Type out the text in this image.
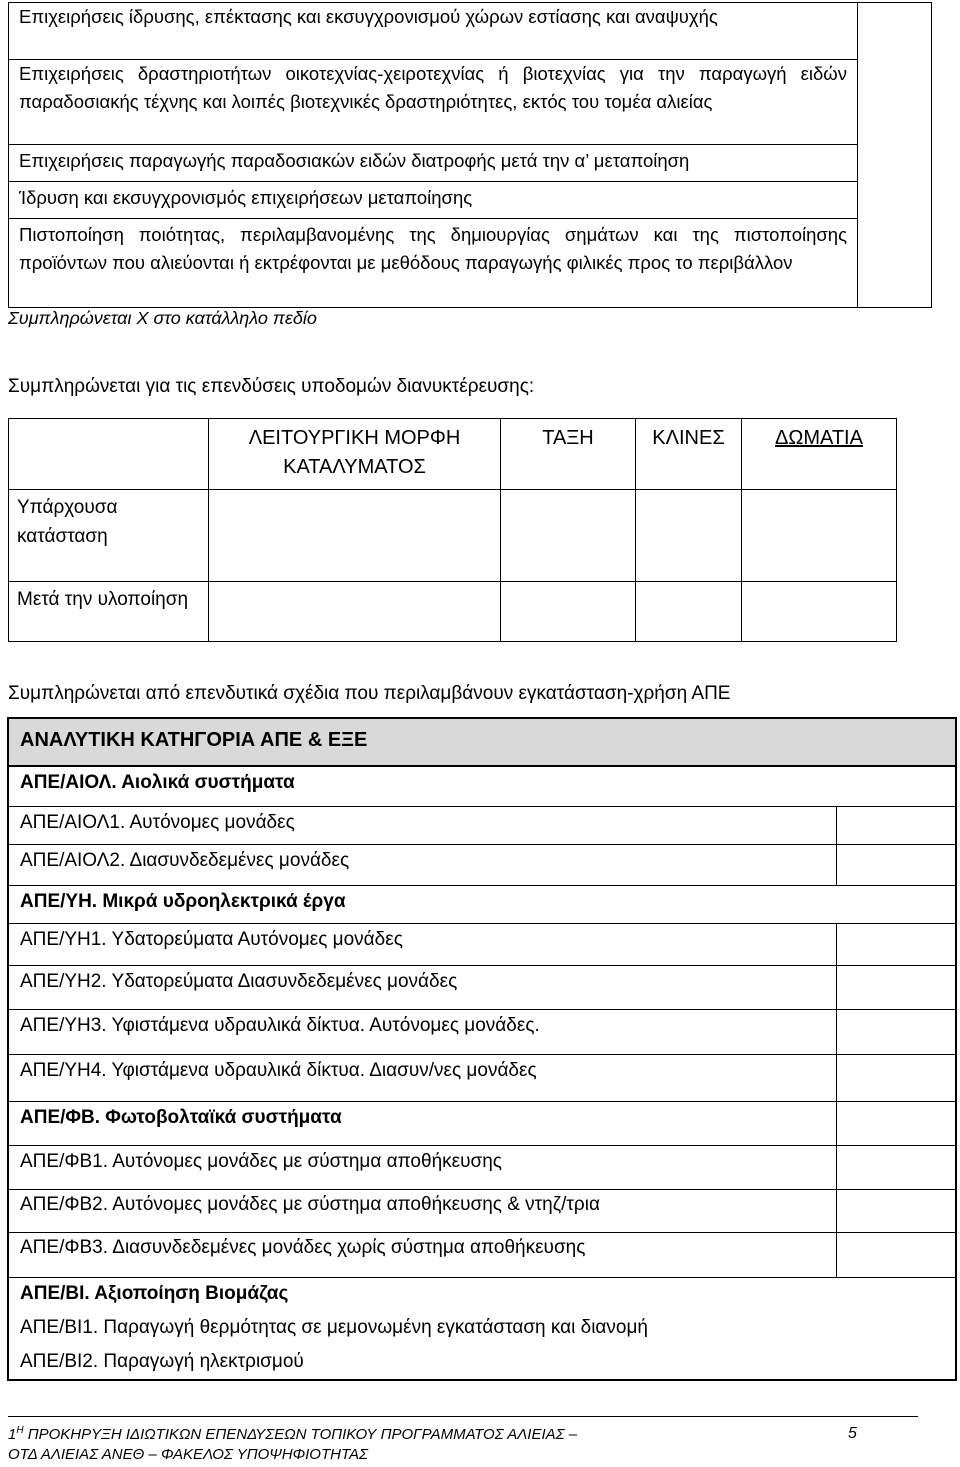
Επιχειρήσεις ίδρυσης, επέκτασης και εκσυγχρονισμού χώρων εστίασης και αναψυχής	
Επιχειρήσεις δραστηριοτήτων οικοτεχνίας-χειροτεχνίας ή βιοτεχνίας για την παραγωγή ειδών παραδοσιακής τέχνης και λοιπές βιοτεχνικές δραστηριότητες, εκτός του τομέα αλιείας
Επιχειρήσεις παραγωγής παραδοσιακών ειδών διατροφής μετά την α’ μεταποίηση
Ίδρυση και εκσυγχρονισμός επιχειρήσεων μεταποίησης
Πιστοποίηση ποιότητας, περιλαμβανομένης της δημιουργίας σημάτων και της πιστοποίησης προϊόντων που αλιεύονται ή εκτρέφονται με μεθόδους παραγωγής φιλικές προς το περιβάλλον
Συμπληρώνεται Χ στο κατάλληλο πεδίο
Συμπληρώνεται για τις επενδύσεις υποδομών διανυκτέρευσης:
	ΛΕΙΤΟΥΡΓΙΚΗ ΜΟΡΦΗ ΚΑΤΑΛΥΜΑΤΟΣ	ΤΑΞΗ	ΚΛΙΝΕΣ	ΔΩΜΑΤΙΑ
Υπάρχουσα κατάσταση				
Μετά την υλοποίηση				
Συμπληρώνεται από επενδυτικά σχέδια που περιλαμβάνουν εγκατάσταση-χρήση ΑΠΕ
ΑΝΑΛΥΤΙΚΗ ΚΑΤΗΓΟΡΙΑ ΑΠΕ & ΕΞΕ
ΑΠΕ/ΑΙΟΛ. Αιολικά συστήματα
ΑΠΕ/ΑΙΟΛ1. Αυτόνομες μονάδες
ΑΠΕ/ΑΙΟΛ2. Διασυνδεδεμένες μονάδες
ΑΠΕ/ΥΗ. Μικρά υδροηλεκτρικά έργα
ΑΠΕ/ΥΗ1. Υδατορεύματα Αυτόνομες μονάδες
ΑΠΕ/ΥΗ2. Υδατορεύματα Διασυνδεδεμένες μονάδες
ΑΠΕ/ΥΗ3. Υφιστάμενα υδραυλικά δίκτυα. Αυτόνομες μονάδες.
ΑΠΕ/ΥΗ4. Υφιστάμενα υδραυλικά δίκτυα. Διασυν/νες μονάδες
ΑΠΕ/ΦΒ. Φωτοβολταϊκά συστήματα
ΑΠΕ/ΦΒ1. Αυτόνομες μονάδες με σύστημα αποθήκευσης
ΑΠΕ/ΦΒ2. Αυτόνομες μονάδες με σύστημα αποθήκευσης & ντηζ/τρια
ΑΠΕ/ΦΒ3. Διασυνδεδεμένες μονάδες χωρίς σύστημα αποθήκευσης
ΑΠΕ/ΒΙ. Αξιοποίηση Βιομάζας
ΑΠΕ/ΒΙ1. Παραγωγή θερμότητας σε μεμονωμένη εγκατάσταση και διανομή
ΑΠΕ/ΒΙ2. Παραγωγή ηλεκτρισμού
$1^H$ ΠΡΟΚΗΡΥΞΗ ΙΔΙΩΤΙΚΩΝ ΕΠΕΝΔΥΣΕΩΝ ΤΟΠΙΚΟΥ ΠΡΟΓΡΑΜΜΑΤΟΣ ΑΛΙΕΙΑΣ –
ΟΤΔ ΑΛΙΕΙΑΣ ΑΝΕΘ – ΦΑΚΕΛΟΣ ΥΠΟΨΗΦΙΟΤΗΤΑΣ
5
